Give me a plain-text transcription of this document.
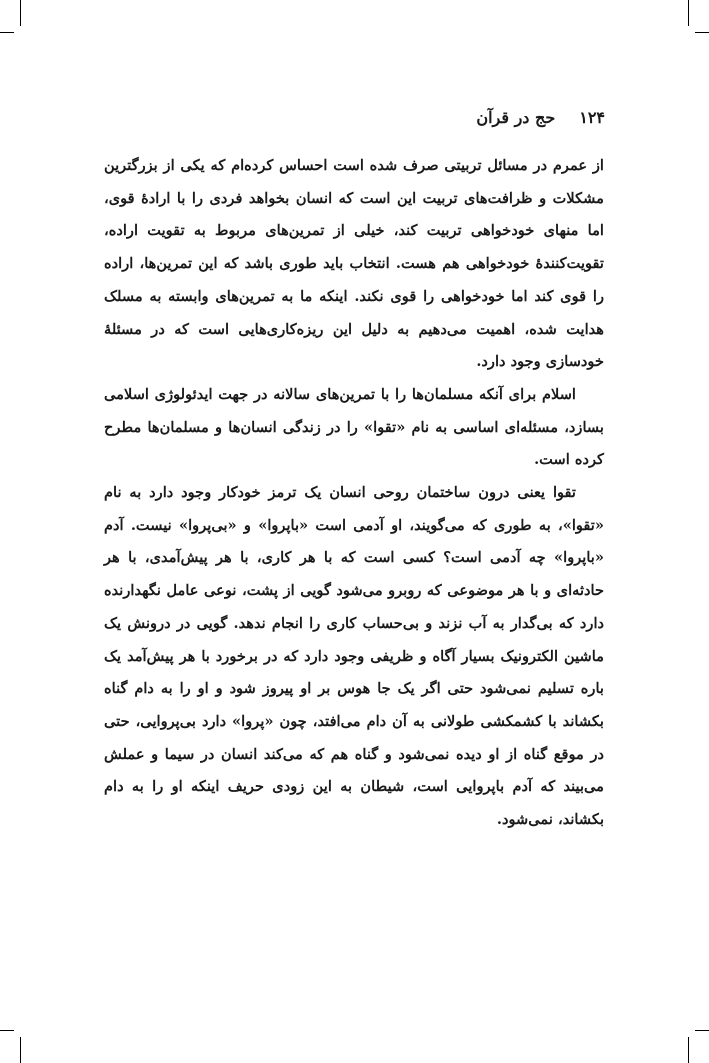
۱۲۴
حج در قرآن

از عمرم در مسائل تربیتی صرف شده است احساس کرده‌ام که یکی از بزرگترین مشکلات و ظرافت‌های تربیت این است که انسان بخواهد فردی را با ارادهٔ قوی، اما منهای خودخواهی تربیت کند، خیلی از تمرین‌های مربوط به تقویت اراده، تقویت‌کنندهٔ خودخواهی هم هست. انتخاب باید طوری باشد که این تمرین‌ها، اراده را قوی کند اما خودخواهی را قوی نکند. اینکه ما به تمرین‌های وابسته به مسلک هدایت شده، اهمیت می‌دهیم به دلیل این ریزه‌کاری‌هایی است که در مسئلهٔ خودسازی وجود دارد.

اسلام برای آنکه مسلمان‌ها را با تمرین‌های سالانه در جهت ایدئولوژی اسلامی بسازد، مسئله‌ای اساسی به نام «تقوا» را در زندگی انسان‌ها و مسلمان‌ها مطرح کرده است.

تقوا یعنی درون ساختمان روحی انسان یک ترمز خودکار وجود دارد به نام «تقوا»، به طوری که می‌گویند، او آدمی است «باپروا» و «بی‌پروا» نیست. آدم «باپروا» چه آدمی است؟ کسی است که با هر کاری، با هر پیش‌آمدی، با هر حادثه‌ای و با هر موضوعی که روبرو می‌شود گویی از پشت، نوعی عامل نگهدارنده دارد که بی‌گدار به آب نزند و بی‌حساب کاری را انجام ندهد. گویی در درونش یک ماشین الکترونیک بسیار آگاه و ظریفی وجود دارد که در برخورد با هر پیش‌آمد یک باره تسلیم نمی‌شود حتی اگر یک جا هوس بر او پیروز شود و او را به دام گناه بکشاند با کشمکشی طولانی به آن دام می‌افتد، چون «پروا» دارد بی‌پروایی، حتی در موقع گناه از او دیده نمی‌شود و گناه هم که می‌کند انسان در سیما و عملش می‌بیند که آدم باپروایی است، شیطان به این زودی حریف اینکه او را به دام بکشاند، نمی‌شود.
